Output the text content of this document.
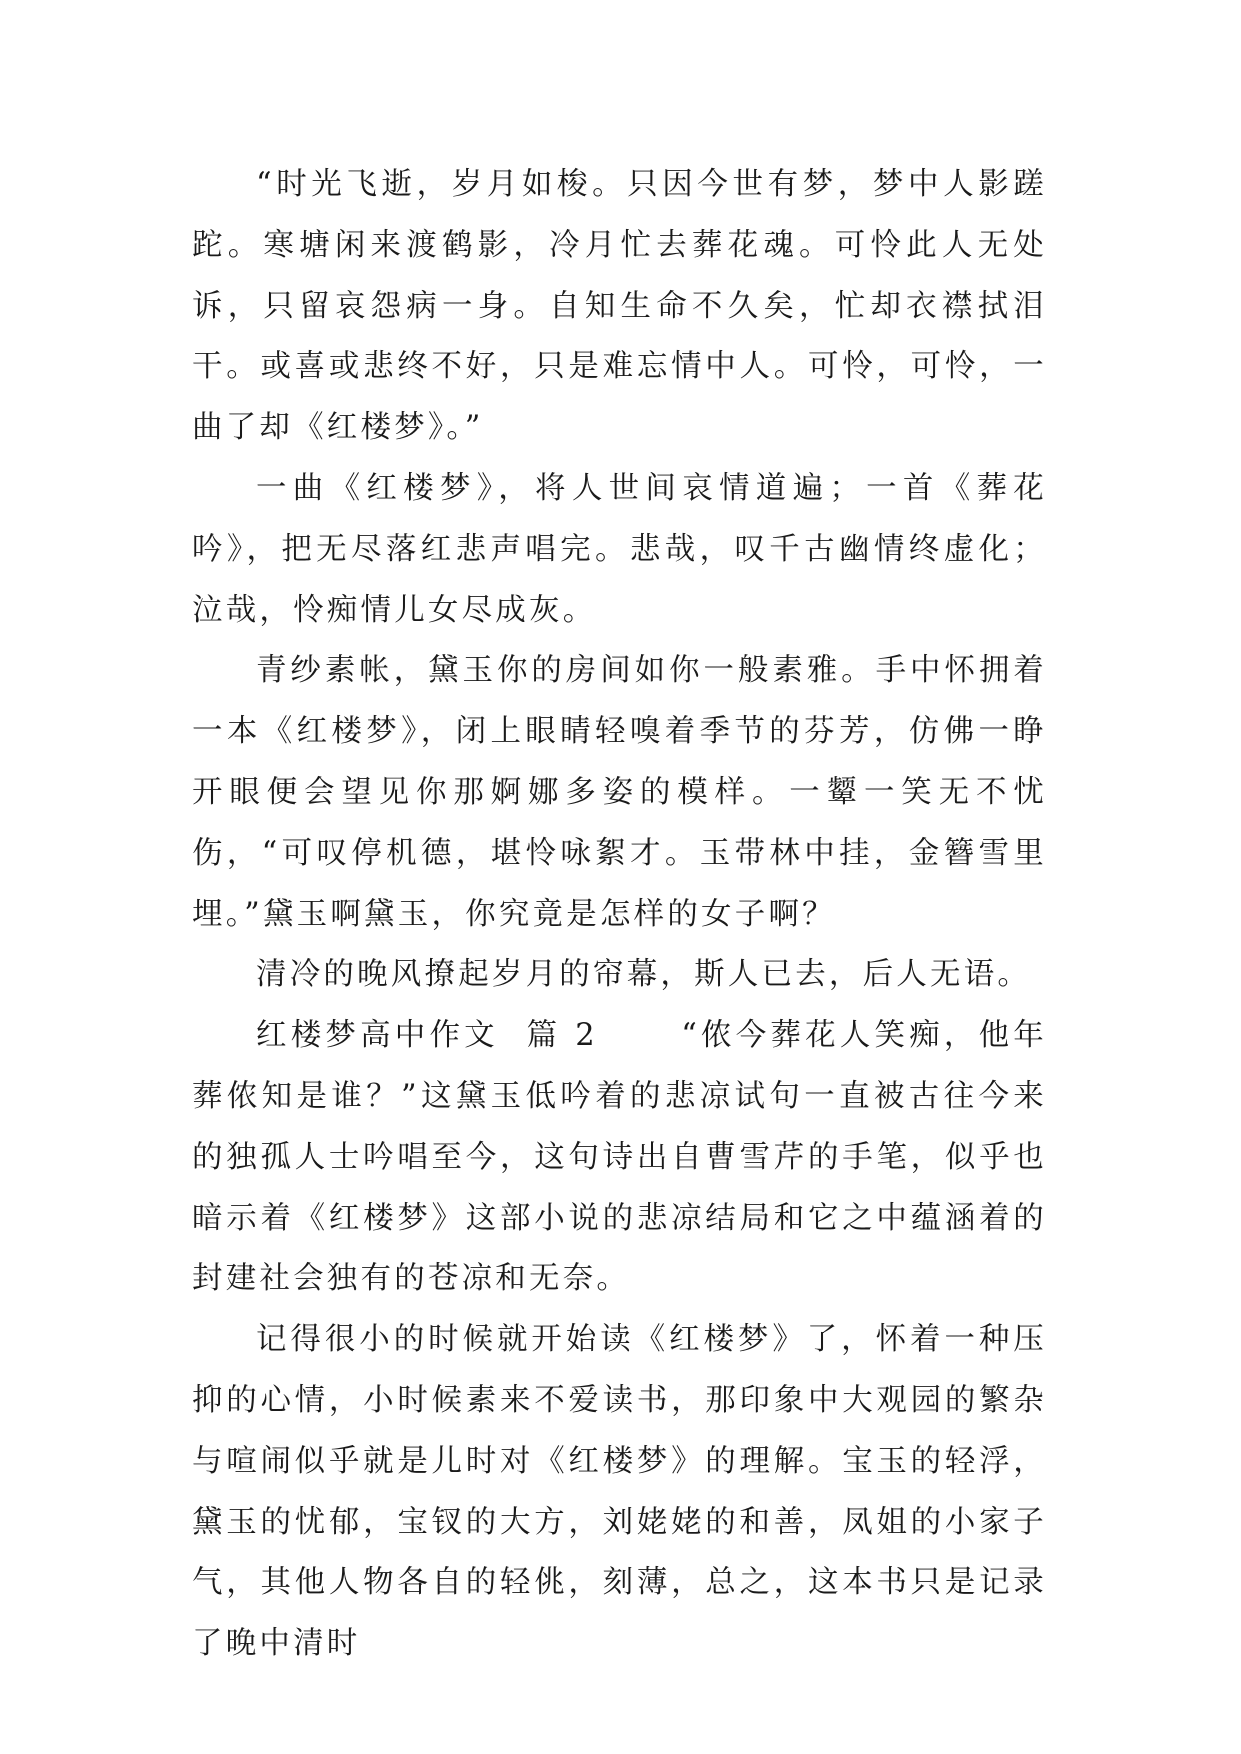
“时光飞逝，岁月如梭。只因今世有梦，梦中人影蹉跎。寒塘闲来渡鹤影，冷月忙去葬花魂。可怜此人无处诉，只留哀怨病一身。自知生命不久矣，忙却衣襟拭泪干。或喜或悲终不好，只是难忘情中人。可怜，可怜，一曲了却《红楼梦》。”

一曲《红楼梦》，将人世间哀情道遍；一首《葬花吟》，把无尽落红悲声唱完。悲哉，叹千古幽情终虚化；泣哉，怜痴情儿女尽成灰。

青纱素帐，黛玉你的房间如你一般素雅。手中怀拥着一本《红楼梦》，闭上眼睛轻嗅着季节的芬芳，仿佛一睁开眼便会望见你那婀娜多姿的模样。一颦一笑无不忧伤，“可叹停机德，堪怜咏絮才。玉带林中挂，金簪雪里埋。”黛玉啊黛玉，你究竟是怎样的女子啊？

清冷的晚风撩起岁月的帘幕，斯人已去，后人无语。

红楼梦高中作文  篇 2      “侬今葬花人笑痴，他年葬侬知是谁？”这黛玉低吟着的悲凉试句一直被古往今来的独孤人士吟唱至今，这句诗出自曹雪芹的手笔，似乎也暗示着《红楼梦》这部小说的悲凉结局和它之中蕴涵着的封建社会独有的苍凉和无奈。

记得很小的时候就开始读《红楼梦》了，怀着一种压抑的心情，小时候素来不爱读书，那印象中大观园的繁杂与喧闹似乎就是儿时对《红楼梦》的理解。宝玉的轻浮，黛玉的忧郁，宝钗的大方，刘姥姥的和善，凤姐的小家子气，其他人物各自的轻佻，刻薄，总之，这本书只是记录了晚中清时
